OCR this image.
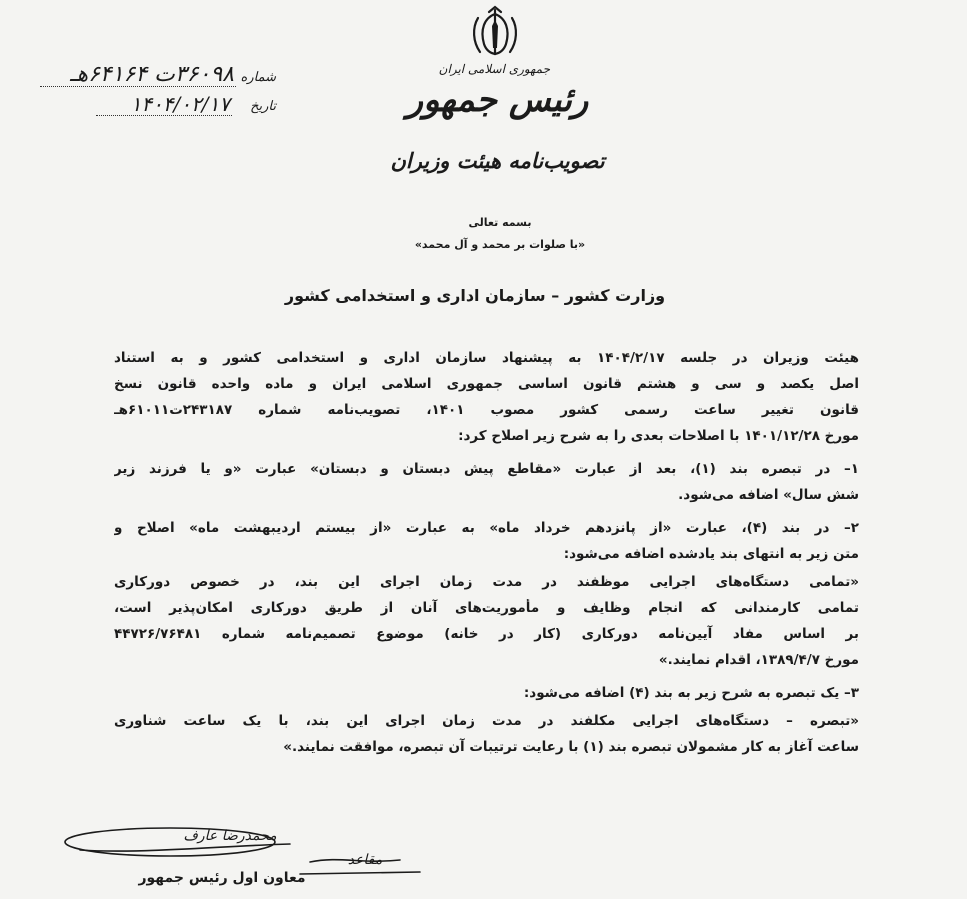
جمهوری اسلامی ایران
رئیس جمهور
تصویب‌نامه هیئت وزیران
شماره
۳۶۰۹۸ت ۶۴۱۶۴هـ
تاریخ
۱۴۰۴/۰۲/۱۷
بسمه تعالی
«با صلوات بر محمد و آل محمد»
وزارت کشور – سازمان اداری و استخدامی کشور
هیئت وزیران در جلسه ۱۴۰۴/۲/۱۷ به پیشنهاد سازمان اداری و استخدامی کشور و به استناد
اصل یکصد و سی و هشتم قانون اساسی جمهوری اسلامی ایران و ماده واحده قانون نسخ
قانون تغییر ساعت رسمی کشور مصوب ۱۴۰۱، تصویب‌نامه شماره ۲۴۳۱۸۷ت۶۱۰۱۱هـ
مورخ ۱۴۰۱/۱۲/۲۸ با اصلاحات بعدی را به شرح زیر اصلاح کرد:
۱– در تبصره بند (۱)، بعد از عبارت «مقاطع پیش دبستان و دبستان» عبارت «و یا فرزند زیر
شش سال» اضافه می‌شود.
۲– در بند (۴)، عبارت «از پانزدهم خرداد ماه» به عبارت «از بیستم اردیبهشت ماه» اصلاح و
متن زیر به انتهای بند یادشده اضافه می‌شود:
«تمامی دستگاه‌های اجرایی موظفند در مدت زمان اجرای این بند، در خصوص دورکاری
تمامی کارمندانی که انجام وظایف و مأموریت‌های آنان از طریق دورکاری امکان‌پذیر است،
بر اساس مفاد آیین‌نامه دورکاری (کار در خانه) موضوع تصمیم‌نامه شماره ۴۴۷۲۶/۷۶۴۸۱
مورخ ۱۳۸۹/۴/۷، اقدام نمایند.»
۳– یک تبصره به شرح زیر به بند (۴) اضافه می‌شود:
«تبصره – دستگاه‌های اجرایی مکلفند در مدت زمان اجرای این بند، با یک ساعت شناوری
ساعت آغاز به کار مشمولان تبصره بند (۱) با رعایت ترتیبات آن تبصره، موافقت نمایند.»
محمدرضا عارف
مقاعد
معاون اول رئیس جمهور
